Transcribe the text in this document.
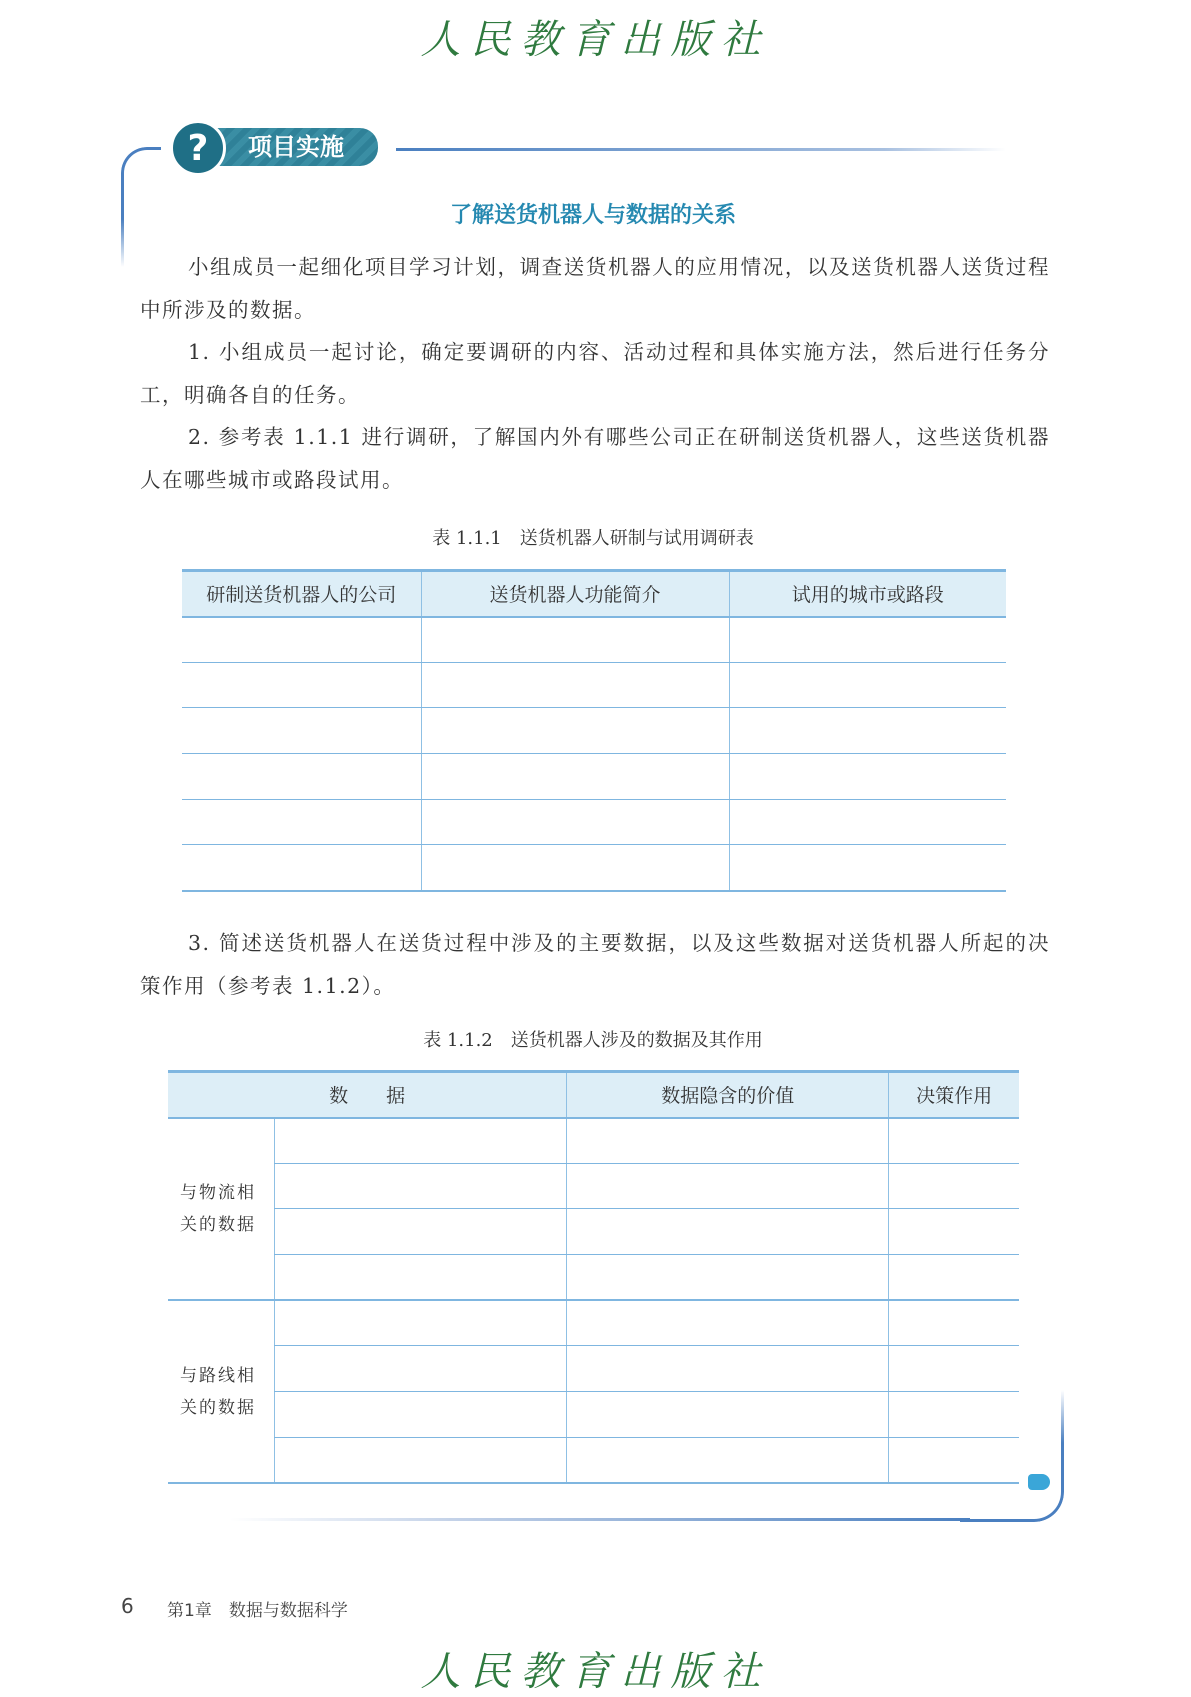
人民教育出版社
项目实施
?
了解送货机器人与数据的关系

小组成员一起细化项目学习计划，调查送货机器人的应用情况，以及送货机器人送货过程中所涉及的数据。

1. 小组成员一起讨论，确定要调研的内容、活动过程和具体实施方法，然后进行任务分工，明确各自的任务。

2. 参考表 1.1.1 进行调研，了解国内外有哪些公司正在研制送货机器人，这些送货机器人在哪些城市或路段试用。

表 1.1.1　送货机器人研制与试用调研表
研制送货机器人的公司	送货机器人功能简介	试用的城市或路段

3. 简述送货机器人在送货过程中涉及的主要数据，以及这些数据对送货机器人所起的决策作用（参考表 1.1.2）。

表 1.1.2　送货机器人涉及的数据及其作用
数　　据		数据隐含的价值	决策作用
与物流相
关的数据			

与路线相
关的数据			

6 第1章　数据与数据科学
人民教育出版社
